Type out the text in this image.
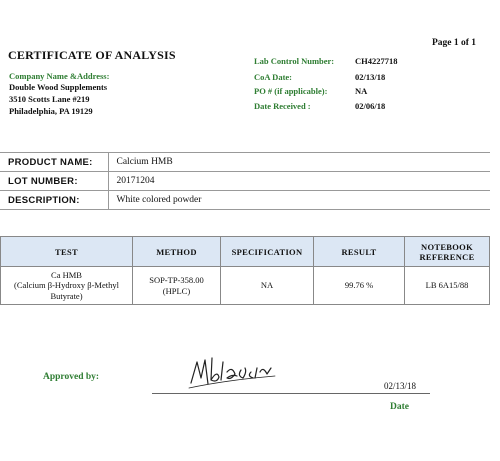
Page 1 of 1
CERTIFICATE OF ANALYSIS
Company Name &Address:
Double Wood Supplements
3510 Scotts Lane #219
Philadelphia, PA 19129
Lab Control Number: CH4227718
CoA Date:	02/13/18
PO # (if applicable):	NA
Date Received :	02/06/18
PRODUCT NAME:	Calcium HMB
LOT NUMBER:	20171204
DESCRIPTION:	White colored powder
TEST	METHOD	SPECIFICATION	RESULT	NOTEBOOK
REFERENCE
Ca HMB
(Calcium β-Hydroxy β-Methyl
Butyrate)	SOP-TP-358.00
(HPLC)	NA	99.76 %	LB 6A15/88
Approved by:
02/13/18
Date
